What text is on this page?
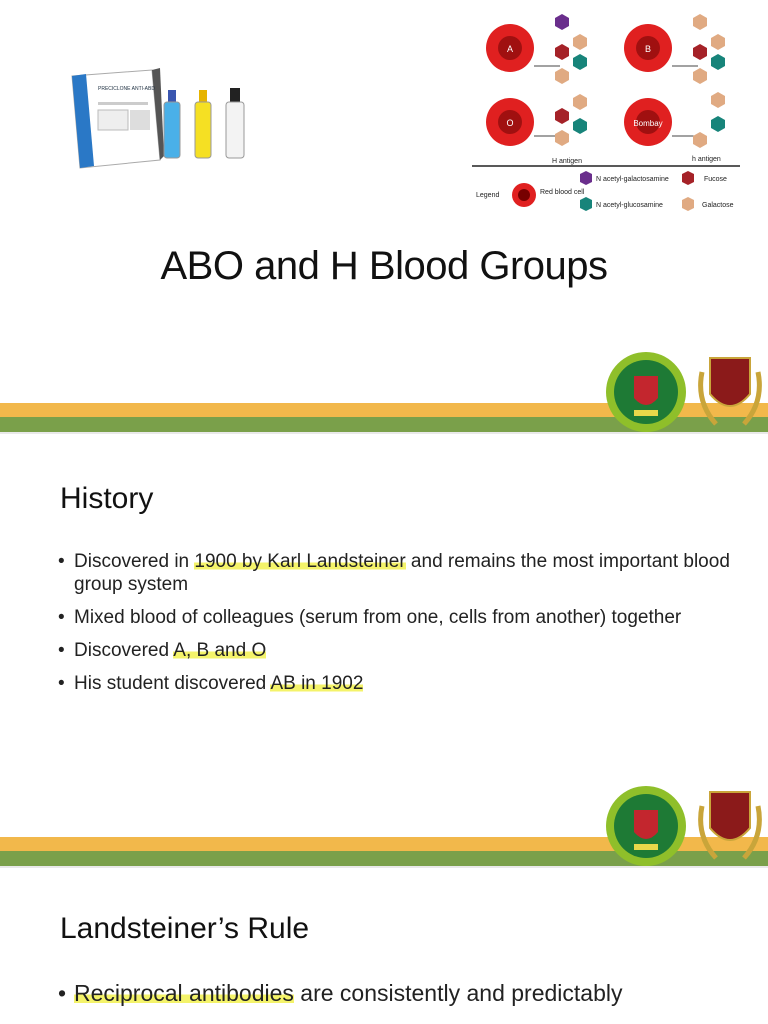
PRECICLONE ANTI-ABD
A	B
O	Bombay
H antigen	h antigen
Legend	Red blood cell
N acetyl-galactosamine	Fucose
N acetyl-glucosamine	Galactose
ABO and H Blood Groups
History
• Discovered in 1900 by Karl Landsteiner and remains the most important blood group system
• Mixed blood of colleagues (serum from one, cells from another) together
• Discovered A, B and O
• His student discovered AB in 1902
Landsteiner’s Rule
• Reciprocal antibodies are consistently and predictably
